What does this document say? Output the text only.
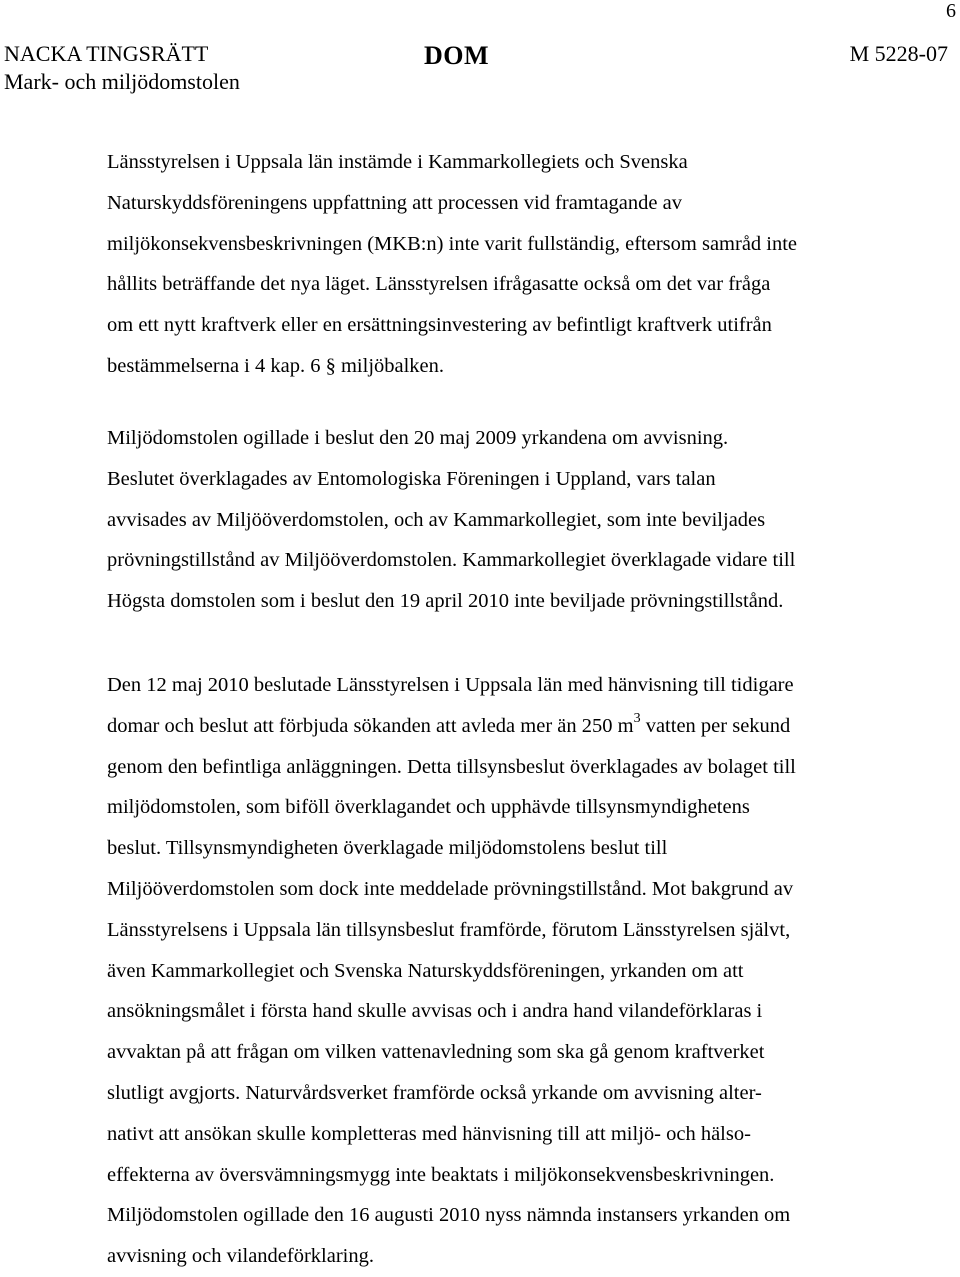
6
NACKA TINGSRÄTT
Mark- och miljödomstolen
DOM	M 5228-07
Länsstyrelsen i Uppsala län instämde i Kammarkollegiets och Svenska
Naturskyddsföreningens uppfattning att processen vid framtagande av
miljökonsekvensbeskrivningen (MKB:n) inte varit fullständig, eftersom samråd inte
hållits beträffande det nya läget. Länsstyrelsen ifrågasatte också om det var fråga
om ett nytt kraftverk eller en ersättningsinvestering av befintligt kraftverk utifrån
bestämmelserna i 4 kap. 6 § miljöbalken.
Miljödomstolen ogillade i beslut den 20 maj 2009 yrkandena om avvisning.
Beslutet överklagades av Entomologiska Föreningen i Uppland, vars talan
avvisades av Miljööverdomstolen, och av Kammarkollegiet, som inte beviljades
prövningstillstånd av Miljööverdomstolen. Kammarkollegiet överklagade vidare till
Högsta domstolen som i beslut den 19 april 2010 inte beviljade prövningstillstånd.
Den 12 maj 2010 beslutade Länsstyrelsen i Uppsala län med hänvisning till tidigare
domar och beslut att förbjuda sökanden att avleda mer än 250 $m^3$ vatten per sekund
genom den befintliga anläggningen. Detta tillsynsbeslut överklagades av bolaget till
miljödomstolen, som biföll överklagandet och upphävde tillsynsmyndighetens
beslut. Tillsynsmyndigheten överklagade miljödomstolens beslut till
Miljööverdomstolen som dock inte meddelade prövningstillstånd. Mot bakgrund av
Länsstyrelsens i Uppsala län tillsynsbeslut framförde, förutom Länsstyrelsen självt,
även Kammarkollegiet och Svenska Naturskyddsföreningen, yrkanden om att
ansökningsmålet i första hand skulle avvisas och i andra hand vilandeförklaras i
avvaktan på att frågan om vilken vattenavledning som ska gå genom kraftverket
slutligt avgjorts. Naturvårdsverket framförde också yrkande om avvisning alter-
nativt att ansökan skulle kompletteras med hänvisning till att miljö- och hälso-
effekterna av översvämningsmygg inte beaktats i miljökonsekvensbeskrivningen.
Miljödomstolen ogillade den 16 augusti 2010 nyss nämnda instansers yrkanden om
avvisning och vilandeförklaring.
